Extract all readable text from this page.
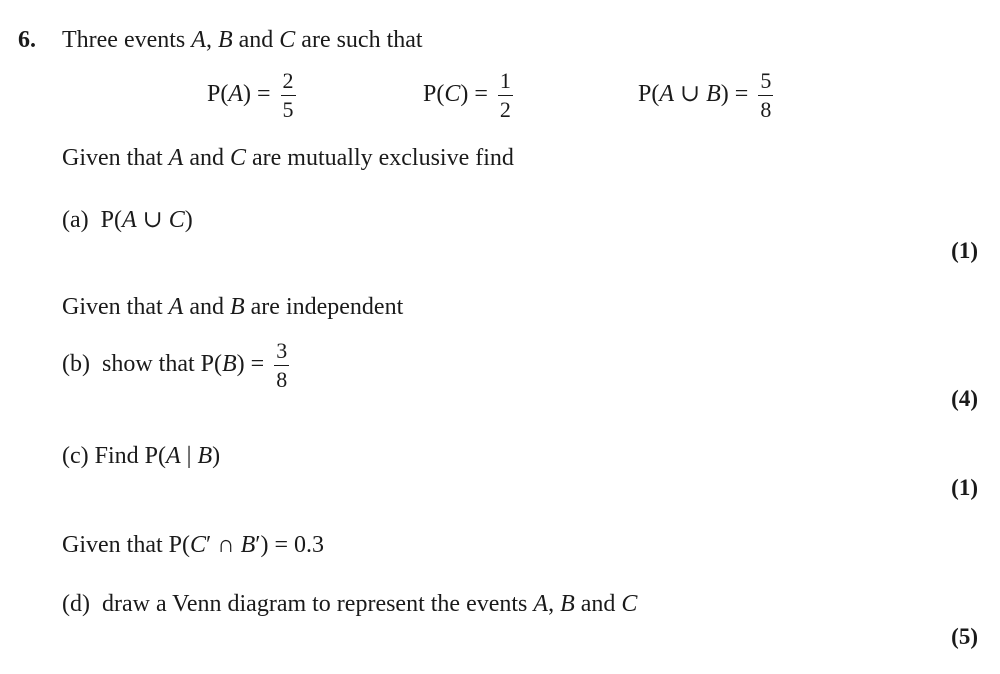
6. Three events A, B and C are such that
$P(A) = \frac{2}{5}$	$P(C) = \frac{1}{2}$	P(A ∪ $B) = \frac{5}{8}$
Given that A and C are mutually exclusive find
(a) P(A ∪ C)
(1)
Given that A and B are independent
(b) show that $P(B) = \frac{3}{8}$
(4)
(c) Find P(A | B)
(1)
Given that P(C′ ∩ B′) = 0.3
(d) draw a Venn diagram to represent the events A, B and C
(5)
